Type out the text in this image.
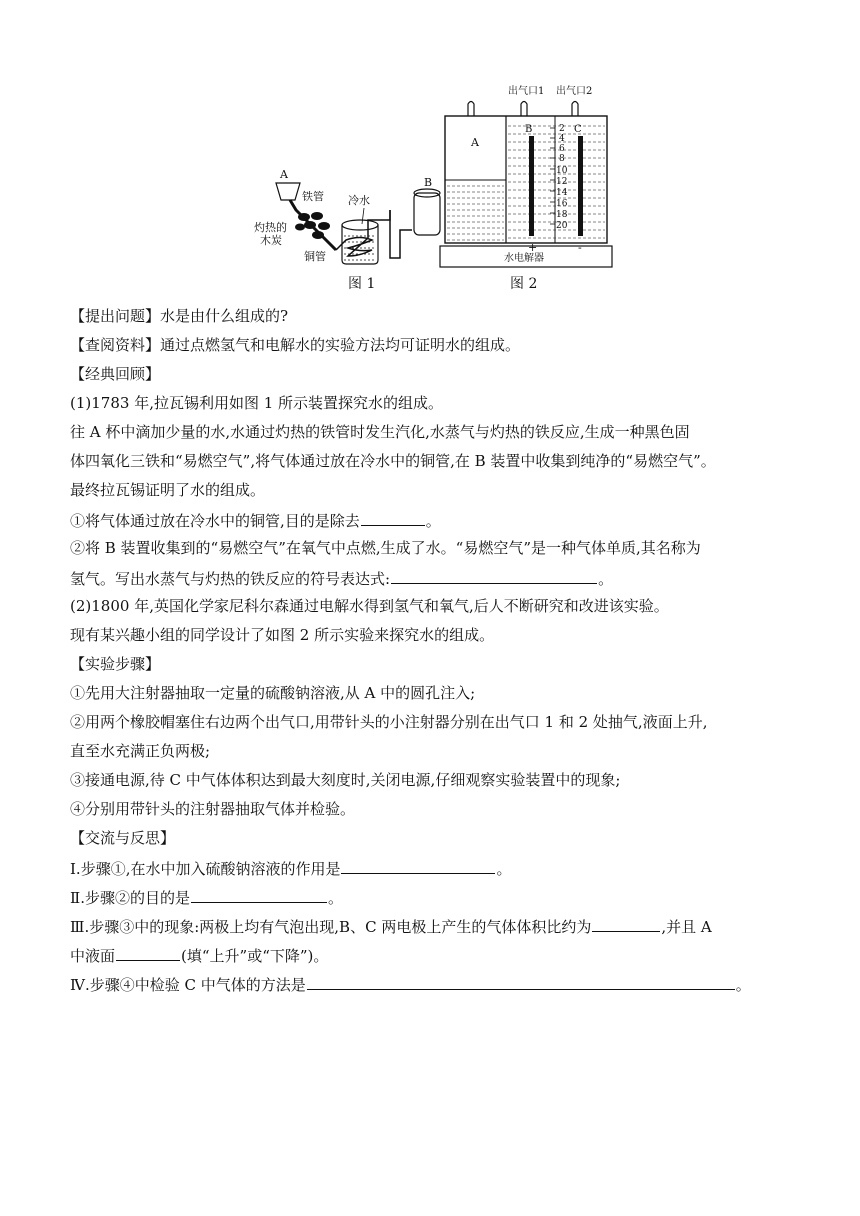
A
铁管
灼热的
木炭
冷水
铜管
B
图 1
出气口1 出气口2
A
B	C
2
4
6
8
10
12
14
16
18
20
+	-
水电解器
图 2
【提出问题】水是由什么组成的?
【查阅资料】通过点燃氢气和电解水的实验方法均可证明水的组成。
【经典回顾】
(1)1783 年,拉瓦锡利用如图 1 所示装置探究水的组成。
往 A 杯中滴加少量的水,水通过灼热的铁管时发生汽化,水蒸气与灼热的铁反应,生成一种黑色固
体四氧化三铁和“易燃空气”,将气体通过放在冷水中的铜管,在 B 装置中收集到纯净的“易燃空气”。
最终拉瓦锡证明了水的组成。
①将气体通过放在冷水中的铜管,目的是除去	。
②将 B 装置收集到的“易燃空气”在氧气中点燃,生成了水。“易燃空气”是一种气体单质,其名称为
氢气。写出水蒸气与灼热的铁反应的符号表达式:	。
(2)1800 年,英国化学家尼科尔森通过电解水得到氢气和氧气,后人不断研究和改进该实验。
现有某兴趣小组的同学设计了如图 2 所示实验来探究水的组成。
【实验步骤】
①先用大注射器抽取一定量的硫酸钠溶液,从 A 中的圆孔注入;
②用两个橡胶帽塞住右边两个出气口,用带针头的小注射器分别在出气口 1 和 2 处抽气,液面上升,
直至水充满正负两极;
③接通电源,待 C 中气体体积达到最大刻度时,关闭电源,仔细观察实验装置中的现象;
④分别用带针头的注射器抽取气体并检验。
【交流与反思】
Ⅰ.步骤①,在水中加入硫酸钠溶液的作用是	。
Ⅱ.步骤②的目的是	。
Ⅲ.步骤③中的现象:两极上均有气泡出现,B、C 两电极上产生的气体体积比约为	,并且 A
中液面	(填“上升”或“下降”)。
Ⅳ.步骤④中检验 C 中气体的方法是	。
